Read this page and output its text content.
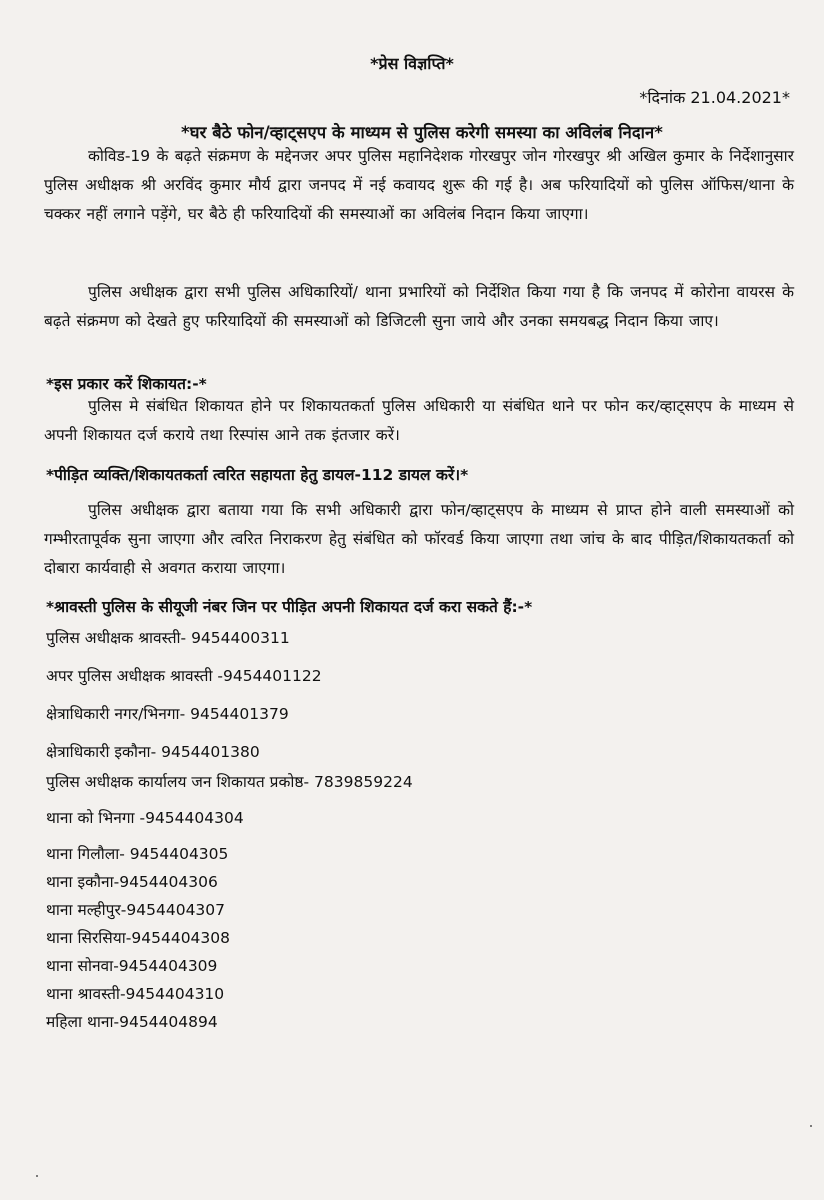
*प्रेस विज्ञप्ति*
*दिनांक 21.04.2021*
*घर बैठे फोन/व्हाट्सएप के माध्यम से पुलिस करेगी समस्या का अविलंब निदान*

कोविड-19 के बढ़ते संक्रमण के मद्देनजर अपर पुलिस महानिदेशक गोरखपुर जोन गोरखपुर श्री अखिल कुमार के निर्देशानुसार पुलिस अधीक्षक श्री अरविंद कुमार मौर्य द्वारा जनपद में नई कवायद शुरू की गई है। अब फरियादियों को पुलिस ऑफिस/थाना के चक्कर नहीं लगाने पड़ेंगे, घर बैठे ही फरियादियों की समस्याओं का अविलंब निदान किया जाएगा।

पुलिस अधीक्षक द्वारा सभी पुलिस अधिकारियों/ थाना प्रभारियों को निर्देशित किया गया है कि जनपद में कोरोना वायरस के बढ़ते संक्रमण को देखते हुए फरियादियों की समस्याओं को डिजिटली सुना जाये और उनका समयबद्ध निदान किया जाए।

*इस प्रकार करें शिकायत:-*

पुलिस मे संबंधित शिकायत होने पर शिकायतकर्ता पुलिस अधिकारी या संबंधित थाने पर फोन कर/व्हाट्सएप के माध्यम से अपनी शिकायत दर्ज कराये तथा रिस्पांस आने तक इंतजार करें।

*पीड़ित व्यक्ति/शिकायतकर्ता त्वरित सहायता हेतु डायल-112 डायल करें।*

पुलिस अधीक्षक द्वारा बताया गया कि सभी अधिकारी द्वारा फोन/व्हाट्सएप के माध्यम से प्राप्त होने वाली समस्याओं को गम्भीरतापूर्वक सुना जाएगा और त्वरित निराकरण हेतु संबंधित को फॉरवर्ड किया जाएगा तथा जांच के बाद पीड़ित/शिकायतकर्ता को दोबारा कार्यवाही से अवगत कराया जाएगा।

*श्रावस्ती पुलिस के सीयूजी नंबर जिन पर पीड़ित अपनी शिकायत दर्ज करा सकते हैं:-*
पुलिस अधीक्षक श्रावस्ती- 9454400311
अपर पुलिस अधीक्षक श्रावस्ती -9454401122
क्षेत्राधिकारी नगर/भिनगा- 9454401379
क्षेत्राधिकारी इकौना- 9454401380
पुलिस अधीक्षक कार्यालय जन शिकायत प्रकोष्ठ- 7839859224
थाना को भिनगा -9454404304
थाना गिलौला- 9454404305
थाना इकौना-9454404306
थाना मल्हीपुर-9454404307
थाना सिरसिया-9454404308
थाना सोनवा-9454404309
थाना श्रावस्ती-9454404310
महिला थाना-9454404894
